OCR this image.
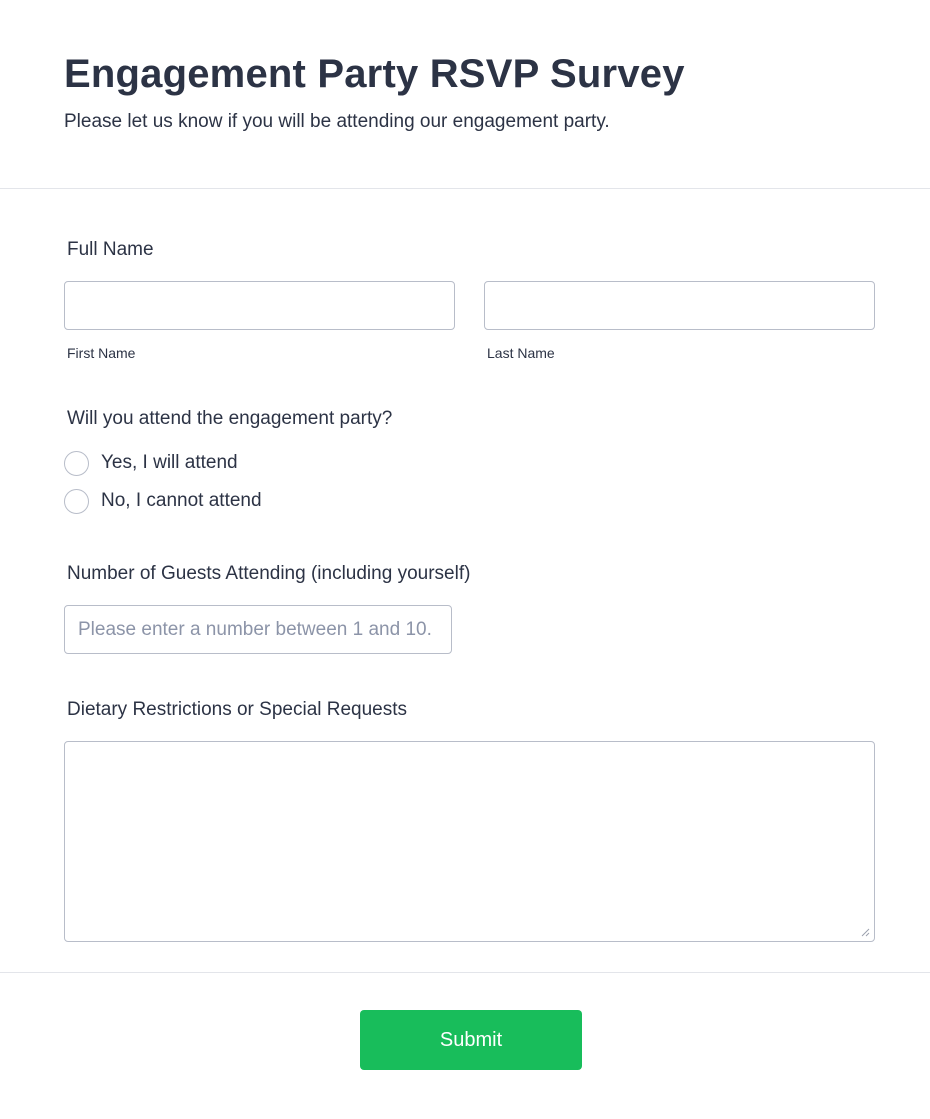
Engagement Party RSVP Survey
Please let us know if you will be attending our engagement party.
Full Name
First Name	Last Name
Will you attend the engagement party?
Yes, I will attend
No, I cannot attend
Number of Guests Attending (including yourself)
Please enter a number between 1 and 10.
Dietary Restrictions or Special Requests
Submit
